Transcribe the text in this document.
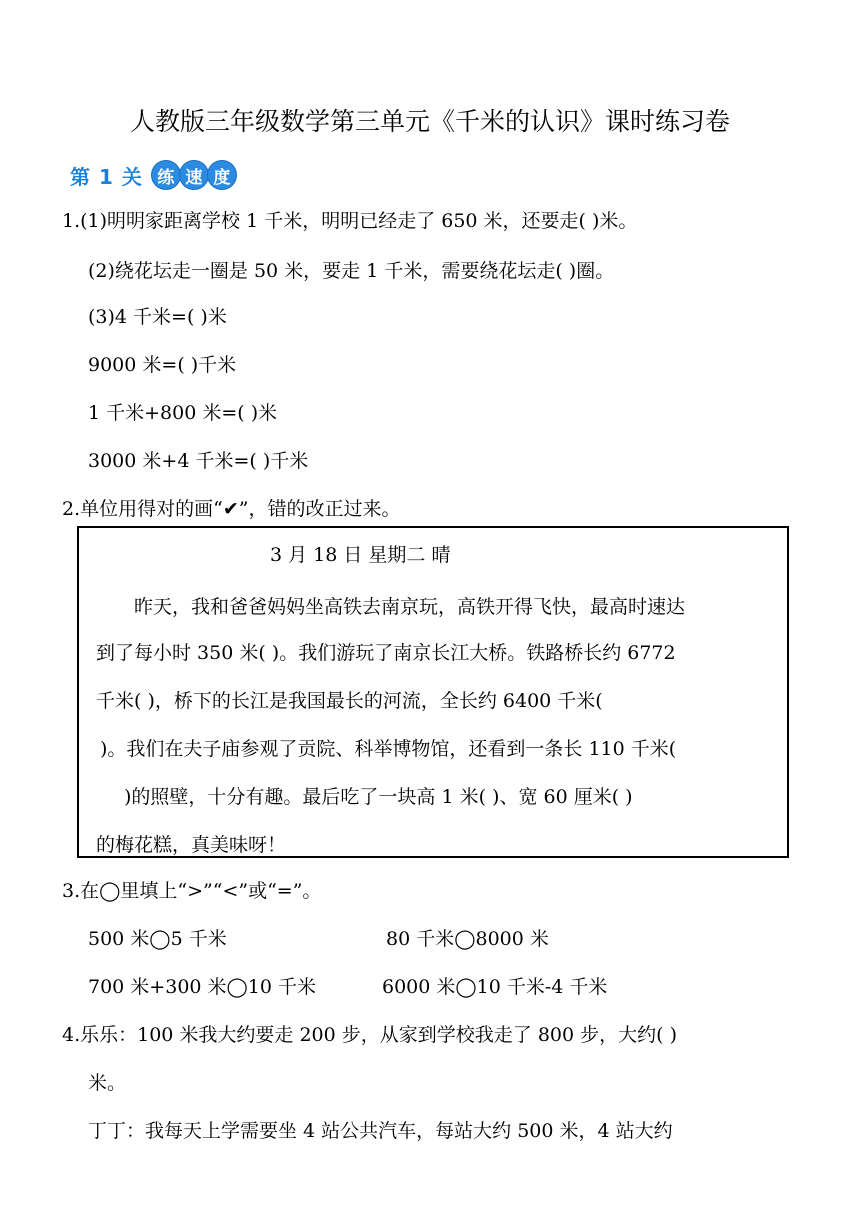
人教版三年级数学第三单元《千米的认识》课时练习卷
第 1 关 练 速 度
1.(1)明明家距离学校 1 千米，明明已经走了 650 米，还要走( )米。
(2)绕花坛走一圈是 50 米，要走 1 千米，需要绕花坛走( )圈。
(3)4 千米=( )米
9000 米=( )千米
1 千米+800 米=( )米
3000 米+4 千米=( )千米
2.单位用得对的画“✔”，错的改正过来。
3 月 18 日 星期二 晴
昨天，我和爸爸妈妈坐高铁去南京玩，高铁开得飞快，最高时速达
到了每小时 350 米( )。我们游玩了南京长江大桥。铁路桥长约 6772
千米( )，桥下的长江是我国最长的河流，全长约 6400 千米(
)。我们在夫子庙参观了贡院、科举博物馆，还看到一条长 110 千米(
)的照壁，十分有趣。最后吃了一块高 1 米( )、宽 60 厘米( )
的梅花糕，真美味呀！
3.在◯里填上“>”“<”或“=”。
500 米◯5 千米	80 千米◯8000 米
700 米+300 米◯10 千米	6000 米◯10 千米-4 千米
4.乐乐：100 米我大约要走 200 步，从家到学校我走了 800 步，大约( )
米。
丁丁：我每天上学需要坐 4 站公共汽车，每站大约 500 米，4 站大约
